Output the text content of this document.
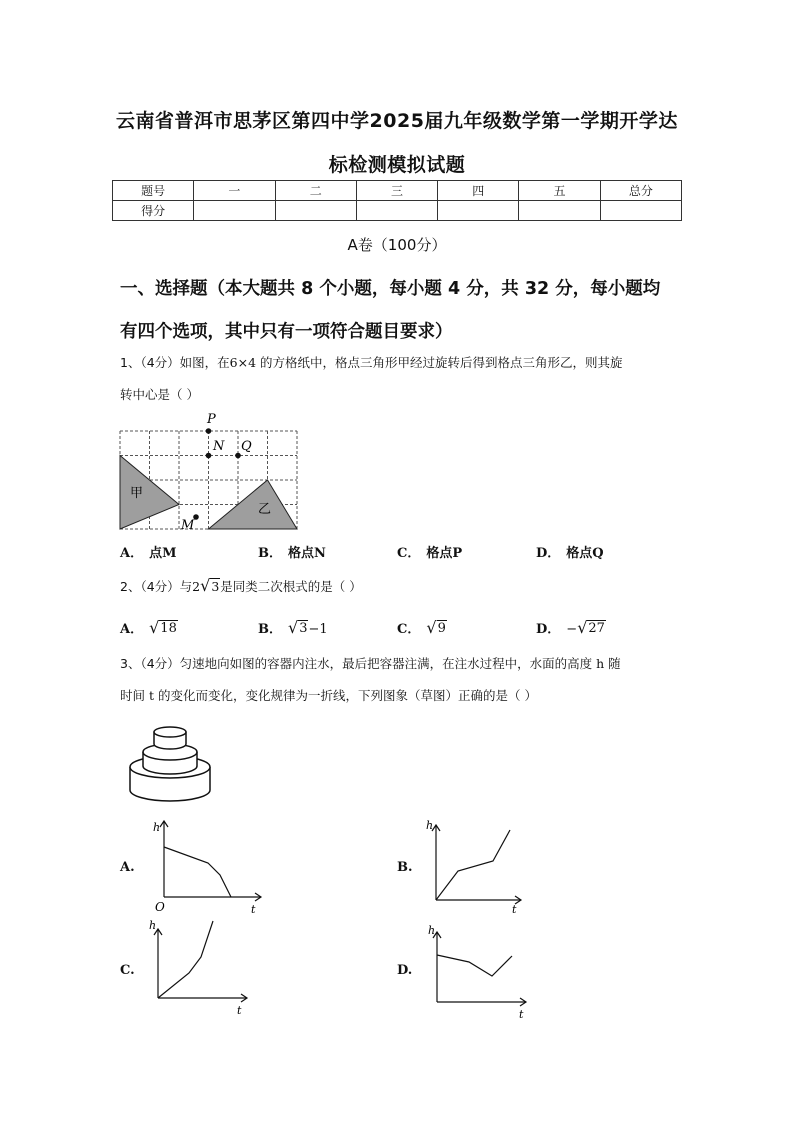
云南省普洱市思茅区第四中学2025届九年级数学第一学期开学达
标检测模拟试题
题号	一	二	三	四	五	总分
得分						
A卷（100分）
一、选择题（本大题共 8 个小题，每小题 4 分，共 32 分，每小题均
有四个选项，其中只有一项符合题目要求）
1、（4分）如图，在6×4 的方格纸中，格点三角形甲经过旋转后得到格点三角形乙，则其旋
转中心是（ ）
P
N Q
M
甲
乙
A． 点M	B． 格点N	C． 格点P	D． 格点Q
2、（4分）与2 √ 3 是同类二次根式的是（ ）
A． √ 18	B． √ 3 −1	C． √ 9	D． − √ 27
3、（4分）匀速地向如图的容器内注水，最后把容器注满，在注水过程中，水面的高度 h 随
时间 t 的变化而变化，变化规律为一折线，下列图象（草图）正确的是（ ）
A.
h
t
O
B.
h
t
C.
h
t
D.
h
t
